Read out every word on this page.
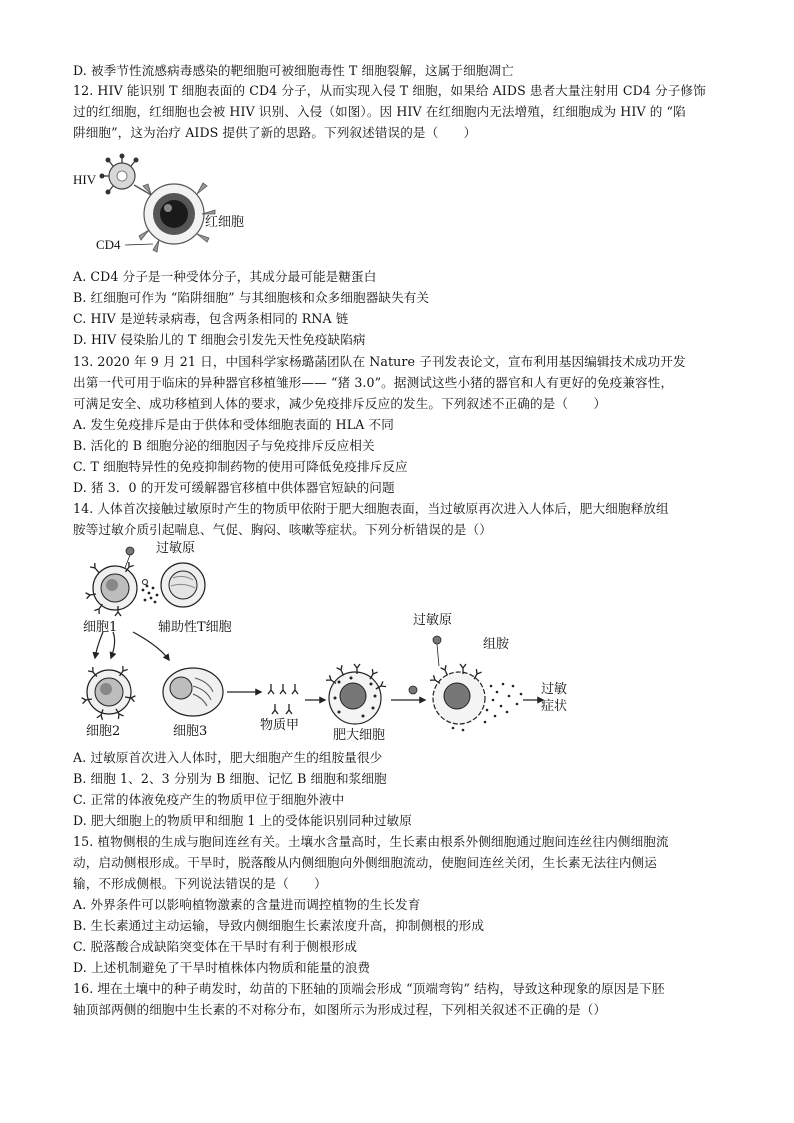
D. 被季节性流感病毒感染的靶细胞可被细胞毒性 T 细胞裂解，这属于细胞凋亡
12. HIV 能识别 T 细胞表面的 CD4 分子，从而实现入侵 T 细胞，如果给 AIDS 患者大量注射用 CD4 分子修饰
过的红细胞，红细胞也会被 HIV 识别、入侵（如图）。因 HIV 在红细胞内无法增殖，红细胞成为 HIV 的 “陷
阱细胞”，这为治疗 AIDS 提供了新的思路。下列叙述错误的是（　　）
HIV
CD4
红细胞
A. CD4 分子是一种受体分子，其成分最可能是糖蛋白
B. 红细胞可作为 “陷阱细胞” 与其细胞核和众多细胞器缺失有关
C. HIV 是逆转录病毒，包含两条相同的 RNA 链
D. HIV 侵染胎儿的 T 细胞会引发先天性免疫缺陷病
13. 2020 年 9 月 21 日，中国科学家杨璐菡团队在 Nature 子刊发表论文，宣布利用基因编辑技术成功开发
出第一代可用于临床的异种器官移植雏形—— “猪 3.0”。据测试这些小猪的器官和人有更好的免疫兼容性，
可满足安全、成功移植到人体的要求，减少免疫排斥反应的发生。下列叙述不正确的是（　　）
A. 发生免疫排斥是由于供体和受体细胞表面的 HLA 不同
B. 活化的 B 细胞分泌的细胞因子与免疫排斥反应相关
C. T 细胞特异性的免疫抑制药物的使用可降低免疫排斥反应
D. 猪 3．0 的开发可缓解器官移植中供体器官短缺的问题
14. 人体首次接触过敏原时产生的物质甲依附于肥大细胞表面，当过敏原再次进入人体后，肥大细胞释放组
胺等过敏介质引起喘息、气促、胸闷、咳嗽等症状。下列分析错误的是（）
过敏原
细胞1	辅助性T细胞	过敏原
组胺
过敏
症状
细胞2	细胞3	物质甲
肥大细胞
A. 过敏原首次进入人体时，肥大细胞产生的组胺量很少
B. 细胞 1、2、3 分别为 B 细胞、记忆 B 细胞和浆细胞
C. 正常的体液免疫产生的物质甲位于细胞外液中
D. 肥大细胞上的物质甲和细胞 1 上的受体能识别同种过敏原
15. 植物侧根的生成与胞间连丝有关。土壤水含量高时，生长素由根系外侧细胞通过胞间连丝往内侧细胞流
动，启动侧根形成。干旱时，脱落酸从内侧细胞向外侧细胞流动，使胞间连丝关闭，生长素无法往内侧运
输，不形成侧根。下列说法错误的是（　　）
A. 外界条件可以影响植物激素的含量进而调控植物的生长发育
B. 生长素通过主动运输，导致内侧细胞生长素浓度升高，抑制侧根的形成
C. 脱落酸合成缺陷突变体在干旱时有利于侧根形成
D. 上述机制避免了干旱时植株体内物质和能量的浪费
16. 埋在土壤中的种子萌发时，幼苗的下胚轴的顶端会形成 “顶端弯钩” 结构，导致这种现象的原因是下胚
轴顶部两侧的细胞中生长素的不对称分布，如图所示为形成过程，下列相关叙述不正确的是（）
